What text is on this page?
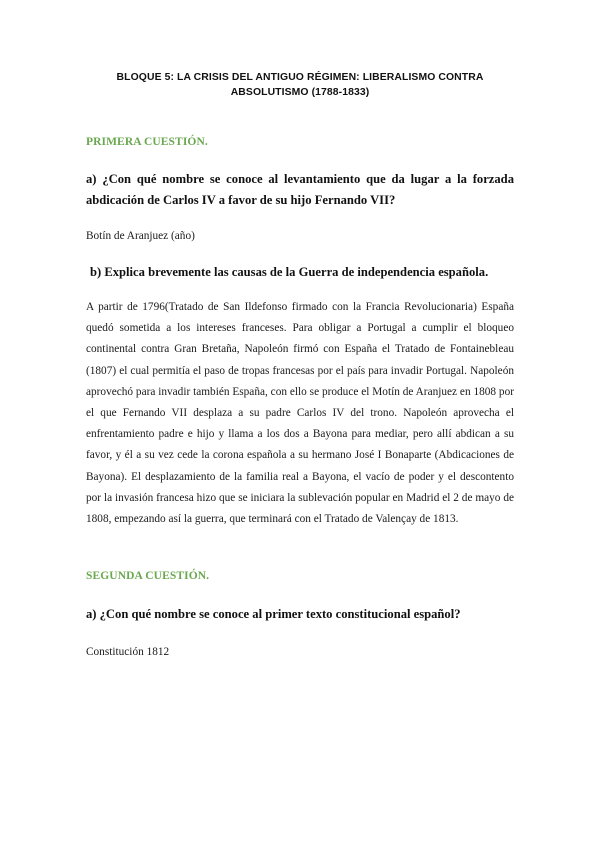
BLOQUE 5: LA CRISIS DEL ANTIGUO RÉGIMEN: LIBERALISMO CONTRA ABSOLUTISMO (1788-1833)
PRIMERA CUESTIÓN.
a) ¿Con qué nombre se conoce al levantamiento que da lugar a la forzada abdicación de Carlos IV a favor de su hijo Fernando VII?
Botín de Aranjuez (año)
b) Explica brevemente las causas de la Guerra de independencia española.
A partir de 1796(Tratado de San Ildefonso firmado con la Francia Revolucionaria) España quedó sometida a los intereses franceses. Para obligar a Portugal a cumplir el bloqueo continental contra Gran Bretaña, Napoleón firmó con España el Tratado de Fontainebleau (1807) el cual permitía el paso de tropas francesas por el país para invadir Portugal. Napoleón aprovechó para invadir también España, con ello se produce el Motín de Aranjuez en 1808 por el que Fernando VII desplaza a su padre Carlos IV del trono. Napoleón aprovecha el enfrentamiento padre e hijo y llama a los dos a Bayona para mediar, pero allí abdican a su favor, y él a su vez cede la corona española a su hermano José I Bonaparte (Abdicaciones de Bayona). El desplazamiento de la familia real a Bayona, el vacío de poder y el descontento por la invasión francesa hizo que se iniciara la sublevación popular en Madrid el 2 de mayo de 1808, empezando así la guerra, que terminará con el Tratado de Valençay de 1813.
SEGUNDA CUESTIÓN.
a) ¿Con qué nombre se conoce al primer texto constitucional español?
Constitución 1812
